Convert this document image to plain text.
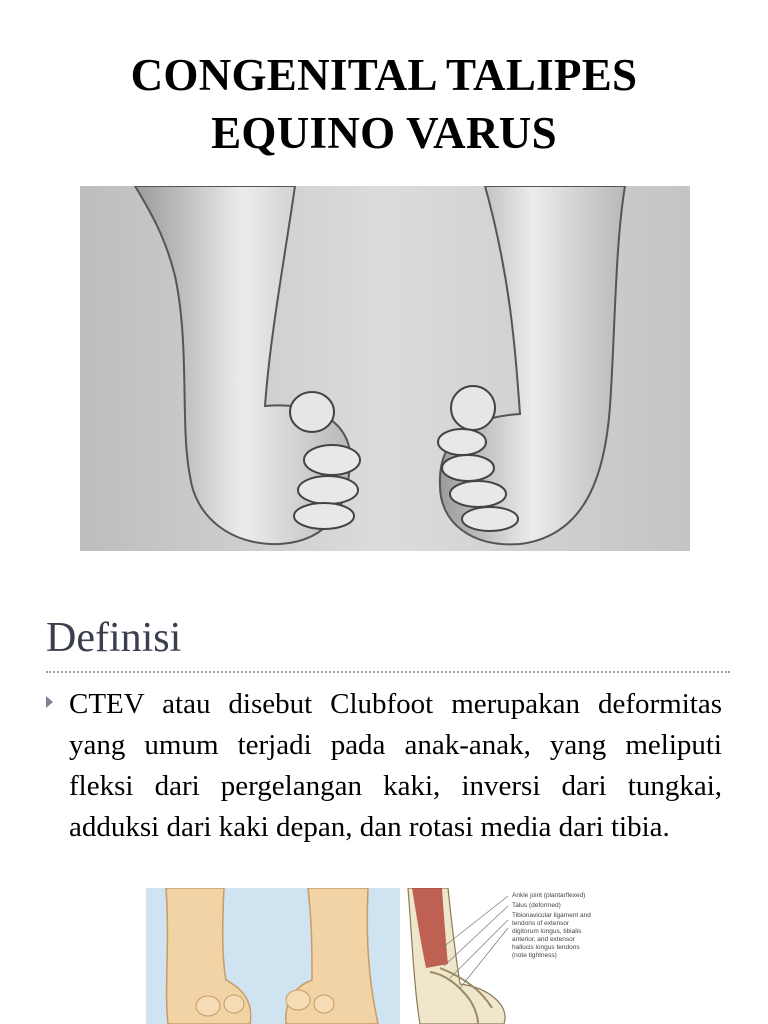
CONGENITAL TALIPES
EQUINO VARUS
Definisi
CTEV atau disebut Clubfoot merupakan deformitas yang umum terjadi pada anak-anak, yang meliputi fleksi dari pergelangan kaki, inversi dari tungkai, adduksi dari kaki depan, dan rotasi media dari tibia.
Ankle joint (plantarflexed)
Talus (deformed)
Tibionavicular ligament and tendons of extensor digitorum longus, tibialis anterior, and extensor hallucis longus tendons (note tightness)
